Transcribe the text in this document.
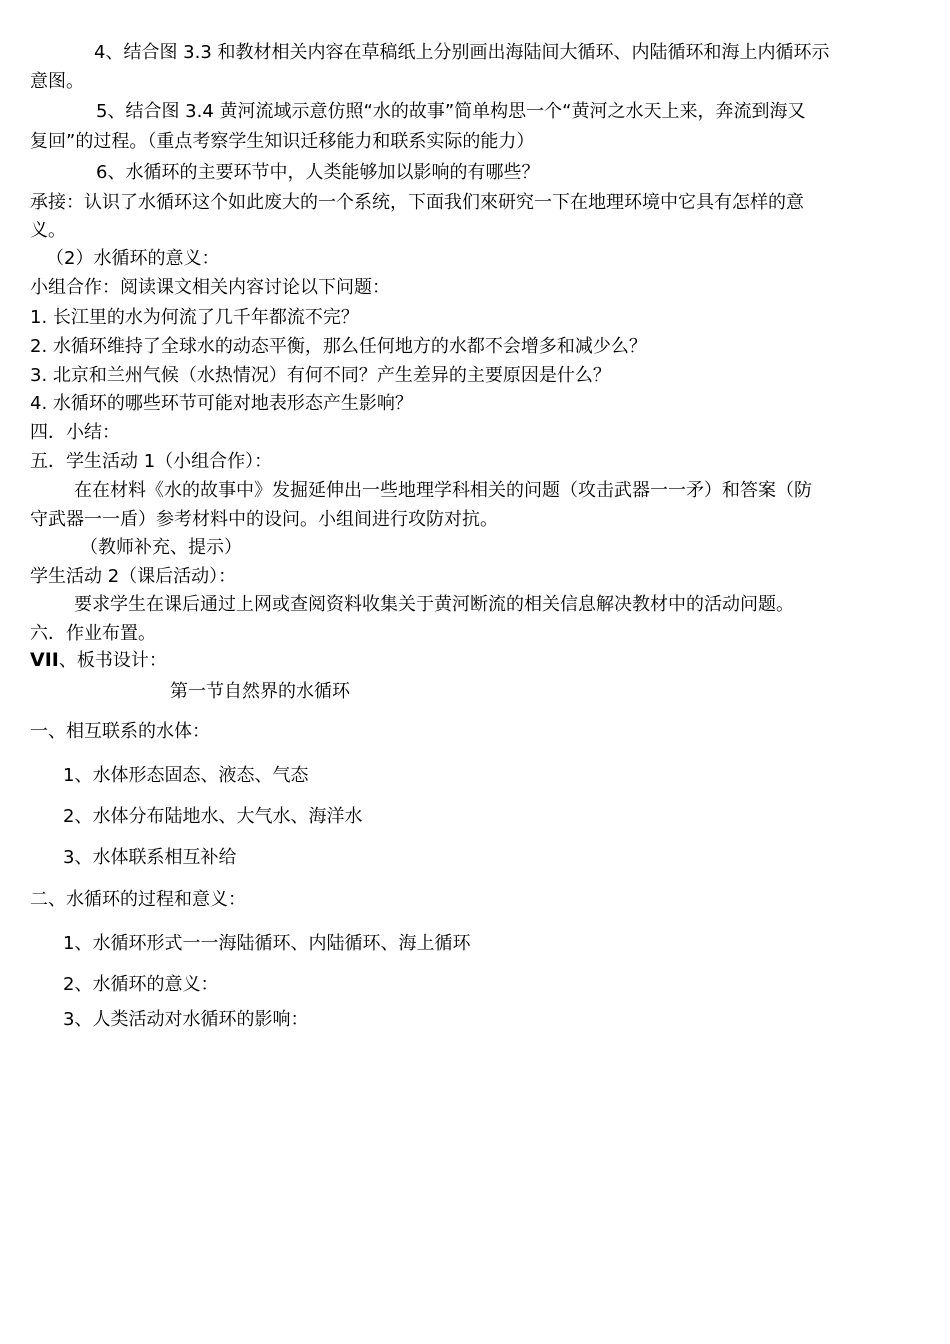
4、结合图 3.3 和教材相关内容在草稿纸上分别画出海陆间大循环、内陆循环和海上内循环示
意图。
5、结合图 3.4 黄河流域示意仿照“水的故事”简单构思一个“黄河之水天上来，奔流到海又
复回”的过程。（重点考察学生知识迁移能力和联系实际的能力）
6、水循环的主要环节中，人类能够加以影响的有哪些？
承接：认识了水循环这个如此废大的一个系统，下面我们來研究一下在地理环境中它具有怎样的意
义。
（2）水循环的意义：
小组合作：阅读课文相关内容讨论以下问题：
1. 长江里的水为何流了几千年都流不完？
2. 水循环维持了全球水的动态平衡，那么任何地方的水都不会增多和减少么？
3. 北京和兰州气候（水热情况）有何不同？产生差异的主要原因是什么？
4. 水循环的哪些环节可能对地表形态产生影响？
四．小结：
五．学生活动 1（小组合作）：
在在材料《水的故事中》发掘延伸出一些地理学科相关的问题（攻击武器一一矛）和答案（防
守武器一一盾）参考材料中的设问。小组间进行攻防对抗。
（教师补充、提示）
学生活动 2（课后活动）：
要求学生在课后通过上网或查阅资料收集关于黄河断流的相关信息解决教材中的活动问题。
六．作业布置。
VII、板书设计：
第一节自然界的水循环
一、相互联系的水体：
1、水体形态固态、液态、气态
2、水体分布陆地水、大气水、海洋水
3、水体联系相互补给
二、水循环的过程和意义：
1、水循环形式一一海陆循环、内陆循环、海上循环
2、水循环的意义：
3、人类活动对水循环的影响：
